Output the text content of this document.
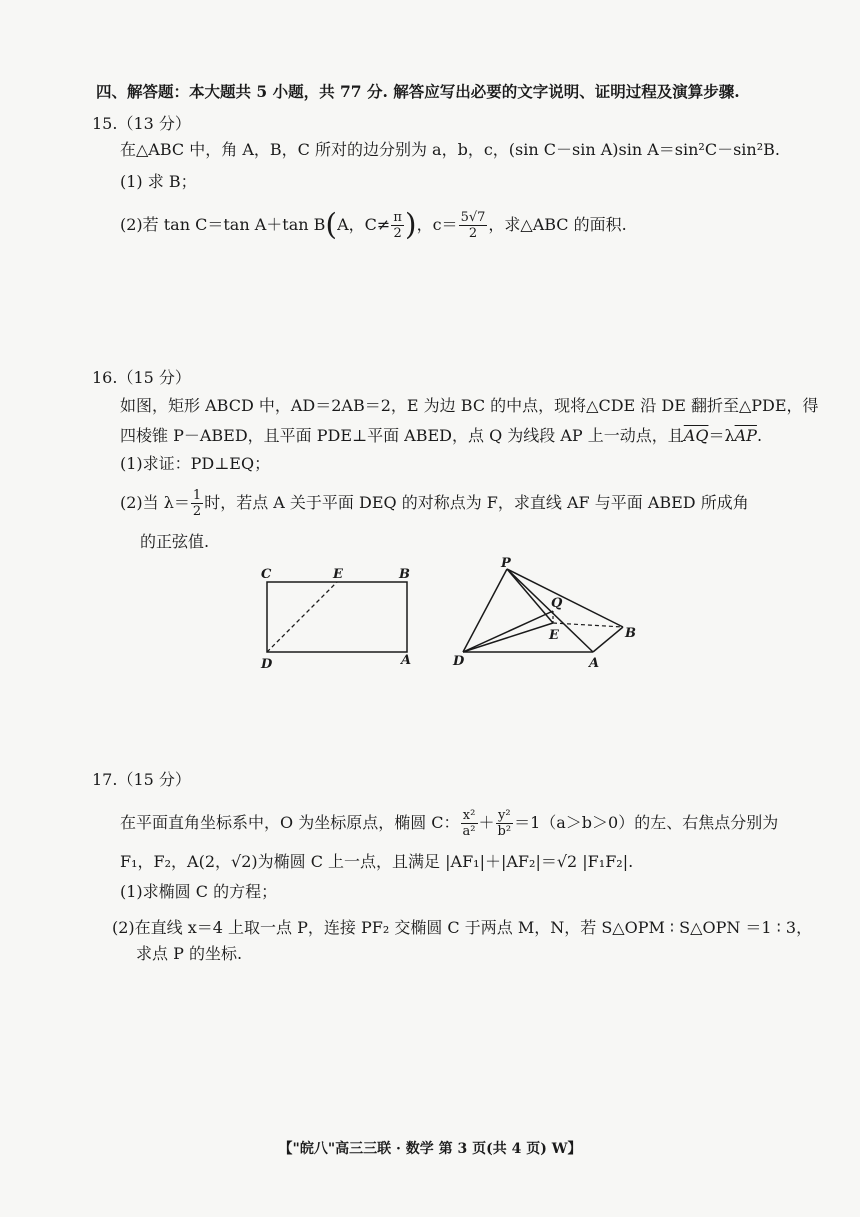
四、解答题：本大题共 5 小题，共 77 分. 解答应写出必要的文字说明、证明过程及演算步骤.
15.（13 分）
在△ABC 中，角 A，B，C 所对的边分别为 a，b，c，(sin C－sin A)sin A＝sin²C－sin²B.
(1) 求 B；
(2)若 tan C＝tan A＋tan B(A，$C\ne \frac{\pi}{2}$ )，$c= \frac{5√7}{2}$ ，求△ABC 的面积.
16.（15 分）
如图，矩形 ABCD 中，AD＝2AB＝2，E 为边 BC 的中点，现将△CDE 沿 DE 翻折至△PDE，得
四棱锥 P－ABED，且平面 PDE⊥平面 ABED，点 Q 为线段 AP 上一动点，且$\overline{AQ}=\lambda\overline{AP}$.
(1)求证：PD⊥EQ；
(2)当 $\lambda= \frac{1}{2}$ 时，若点 A 关于平面 DEQ 的对称点为 F，求直线 AF 与平面 ABED 所成角
的正弦值.
C	E	B
D	A
P
Q
E	B
D	A
17.（15 分）
在平面直角坐标系中，O 为坐标原点，椭圆 C： $\frac{\text{x²}}{\text{a²}} + \frac{\text{y²}}{\text{b²}} =1(a>b>0)$的左、右焦点分别为
F₁，F₂，A(2，√2)为椭圆 C 上一点，且满足 |AF₁|＋|AF₂|＝√2 |F₁F₂|.
(1)求椭圆 C 的方程；
(2)在直线 x＝4 上取一点 P，连接 PF₂ 交椭圆 C 于两点 M，N，若 S△OPM ∶ S△OPN ＝1 ∶ 3，
求点 P 的坐标.
【"皖八"高三三联 · 数学 第 3 页(共 4 页) W】
